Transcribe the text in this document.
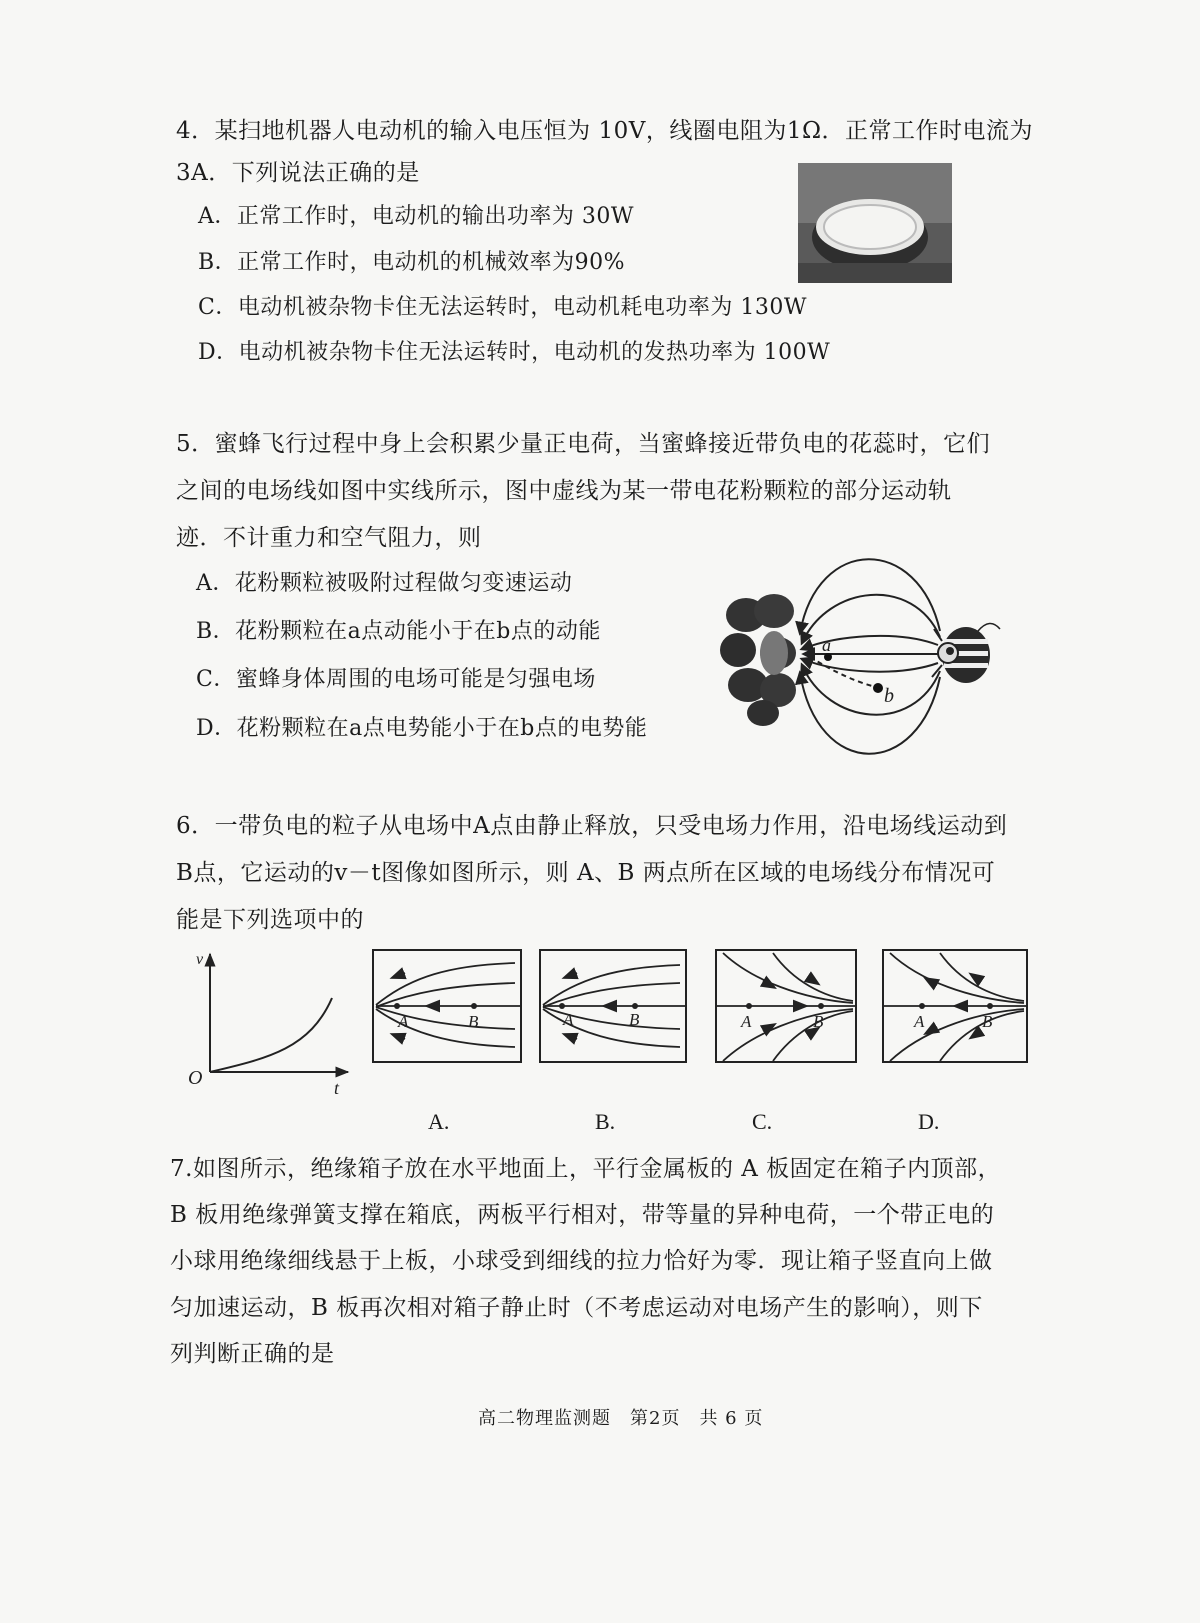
4．某扫地机器人电动机的输入电压恒为 10V，线圈电阻为1Ω．正常工作时电流为
3A．下列说法正确的是
A．正常工作时，电动机的输出功率为 30W
B．正常工作时，电动机的机械效率为90%
C．电动机被杂物卡住无法运转时，电动机耗电功率为 130W
D．电动机被杂物卡住无法运转时，电动机的发热功率为 100W
5．蜜蜂飞行过程中身上会积累少量正电荷，当蜜蜂接近带负电的花蕊时，它们
之间的电场线如图中实线所示，图中虚线为某一带电花粉颗粒的部分运动轨
迹．不计重力和空气阻力，则
A．花粉颗粒被吸附过程做匀变速运动
B．花粉颗粒在a点动能小于在b点的动能
C．蜜蜂身体周围的电场可能是匀强电场
D．花粉颗粒在a点电势能小于在b点的电势能
a
b
6．一带负电的粒子从电场中A点由静止释放，只受电场力作用，沿电场线运动到
B点，它运动的v－t图像如图所示，则 A、B 两点所在区域的电场线分布情况可
能是下列选项中的
v
O	t
A	B	A	B	A	B	A	B
A.	B.	C.	D.
7.如图所示，绝缘箱子放在水平地面上，平行金属板的 A 板固定在箱子内顶部，
B 板用绝缘弹簧支撑在箱底，两板平行相对，带等量的异种电荷，一个带正电的
小球用绝缘细线悬于上板，小球受到细线的拉力恰好为零．现让箱子竖直向上做
匀加速运动，B 板再次相对箱子静止时（不考虑运动对电场产生的影响），则下
列判断正确的是
高二物理监测题　第2页　共 6 页
